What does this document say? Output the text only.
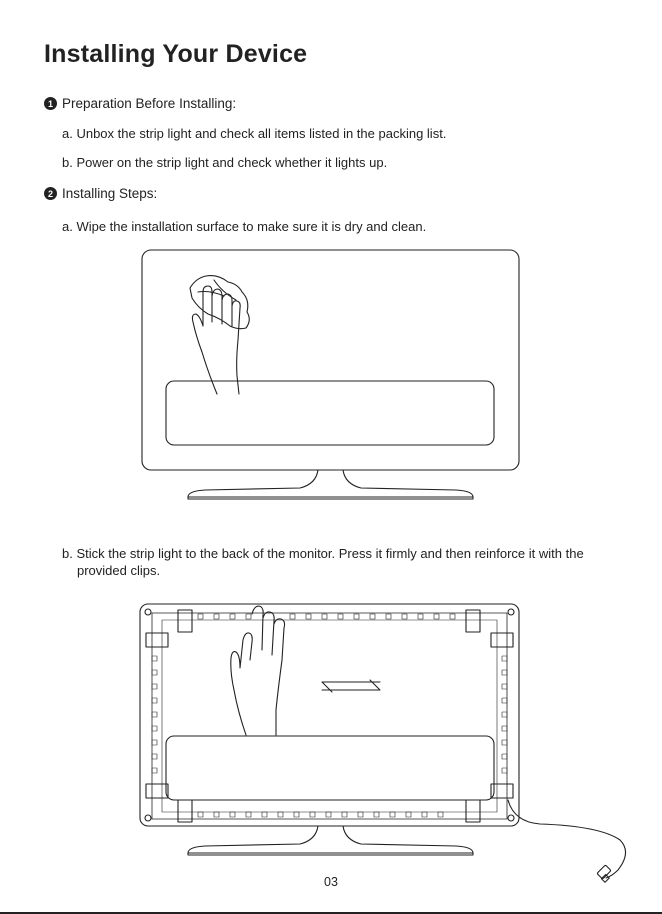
Installing Your Device
1 Preparation Before Installing:
a. Unbox the strip light and check all items listed in the packing list.
b. Power on the strip light and check whether it lights up.
2 Installing Steps:
a. Wipe the installation surface to make sure it is dry and clean.
b. Stick the strip light to the back of the monitor. Press it firmly and then reinforce it with the provided clips.
03
